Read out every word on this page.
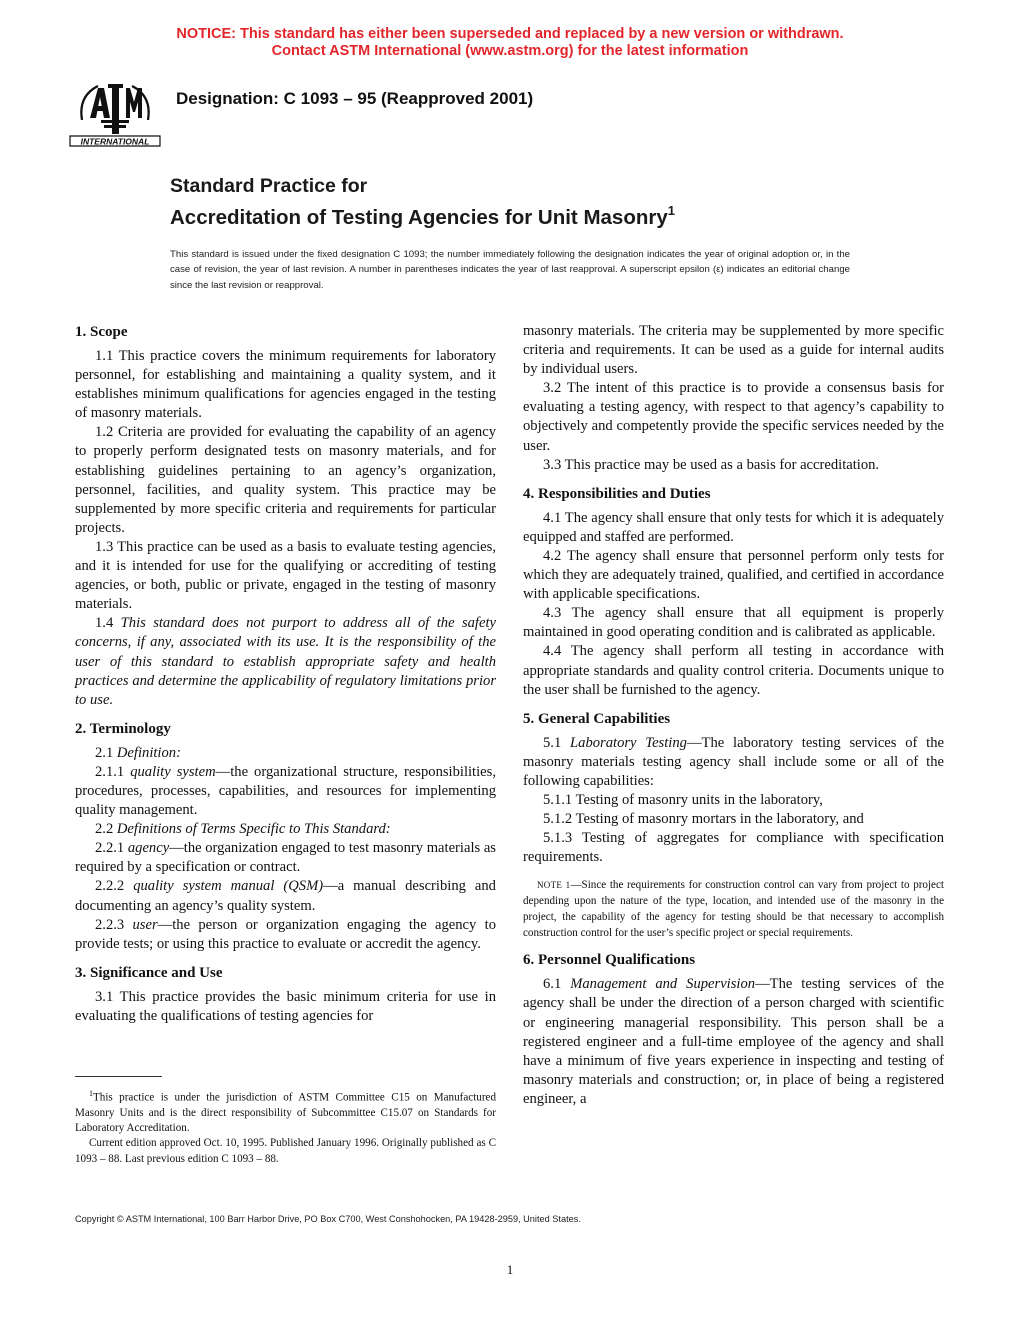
NOTICE: This standard has either been superseded and replaced by a new version or withdrawn.
Contact ASTM International (www.astm.org) for the latest information
INTERNATIONAL
Designation: C 1093 – 95 (Reapproved 2001)
Standard Practice for
Accreditation of Testing Agencies for Unit Masonry$^1$
This standard is issued under the fixed designation C 1093; the number immediately following the designation indicates the year of original adoption or, in the case of revision, the year of last revision. A number in parentheses indicates the year of last reapproval. A superscript epsilon (ε) indicates an editorial change since the last revision or reapproval.
1. Scope

1.1 This practice covers the minimum requirements for laboratory personnel, for establishing and maintaining a quality system, and it establishes minimum qualifications for agencies engaged in the testing of masonry materials.

1.2 Criteria are provided for evaluating the capability of an agency to properly perform designated tests on masonry materials, and for establishing guidelines pertaining to an agency’s organization, personnel, facilities, and quality system. This practice may be supplemented by more specific criteria and requirements for particular projects.

1.3 This practice can be used as a basis to evaluate testing agencies, and it is intended for use for the qualifying or accrediting of testing agencies, or both, public or private, engaged in the testing of masonry materials.

1.4 This standard does not purport to address all of the safety concerns, if any, associated with its use. It is the responsibility of the user of this standard to establish appropriate safety and health practices and determine the applicability of regulatory limitations prior to use.

2. Terminology

2.1 Definition:

2.1.1 quality system—the organizational structure, responsibilities, procedures, processes, capabilities, and resources for implementing quality management.

2.2 Definitions of Terms Specific to This Standard:

2.2.1 agency—the organization engaged to test masonry materials as required by a specification or contract.

2.2.2 quality system manual (QSM)—a manual describing and documenting an agency’s quality system.

2.2.3 user—the person or organization engaging the agency to provide tests; or using this practice to evaluate or accredit the agency.

3. Significance and Use

3.1 This practice provides the basic minimum criteria for use in evaluating the qualifications of testing agencies for

$^1$This practice is under the jurisdiction of ASTM Committee C15 on Manufactured Masonry Units and is the direct responsibility of Subcommittee C15.07 on Standards for Laboratory Accreditation.

Current edition approved Oct. 10, 1995. Published January 1996. Originally published as C 1093 – 88. Last previous edition C 1093 – 88.

masonry materials. The criteria may be supplemented by more specific criteria and requirements. It can be used as a guide for internal audits by individual users.

3.2 The intent of this practice is to provide a consensus basis for evaluating a testing agency, with respect to that agency’s capability to objectively and competently provide the specific services needed by the user.

3.3 This practice may be used as a basis for accreditation.

4. Responsibilities and Duties

4.1 The agency shall ensure that only tests for which it is adequately equipped and staffed are performed.

4.2 The agency shall ensure that personnel perform only tests for which they are adequately trained, qualified, and certified in accordance with applicable specifications.

4.3 The agency shall ensure that all equipment is properly maintained in good operating condition and is calibrated as applicable.

4.4 The agency shall perform all testing in accordance with appropriate standards and quality control criteria. Documents unique to the user shall be furnished to the agency.

5. General Capabilities

5.1 Laboratory Testing—The laboratory testing services of the masonry materials testing agency shall include some or all of the following capabilities:

5.1.1 Testing of masonry units in the laboratory,

5.1.2 Testing of masonry mortars in the laboratory, and

5.1.3 Testing of aggregates for compliance with specification requirements.

NOTE 1—Since the requirements for construction control can vary from project to project depending upon the nature of the type, location, and intended use of the masonry in the project, the capability of the agency for testing should be that necessary to accomplish construction control for the user’s specific project or special requirements.

6. Personnel Qualifications

6.1 Management and Supervision—The testing services of the agency shall be under the direction of a person charged with scientific or engineering managerial responsibility. This person shall be a registered engineer and a full-time employee of the agency and shall have a minimum of five years experience in inspecting and testing of masonry materials and construction; or, in place of being a registered engineer, a

Copyright © ASTM International, 100 Barr Harbor Drive, PO Box C700, West Conshohocken, PA 19428-2959, United States.
1
